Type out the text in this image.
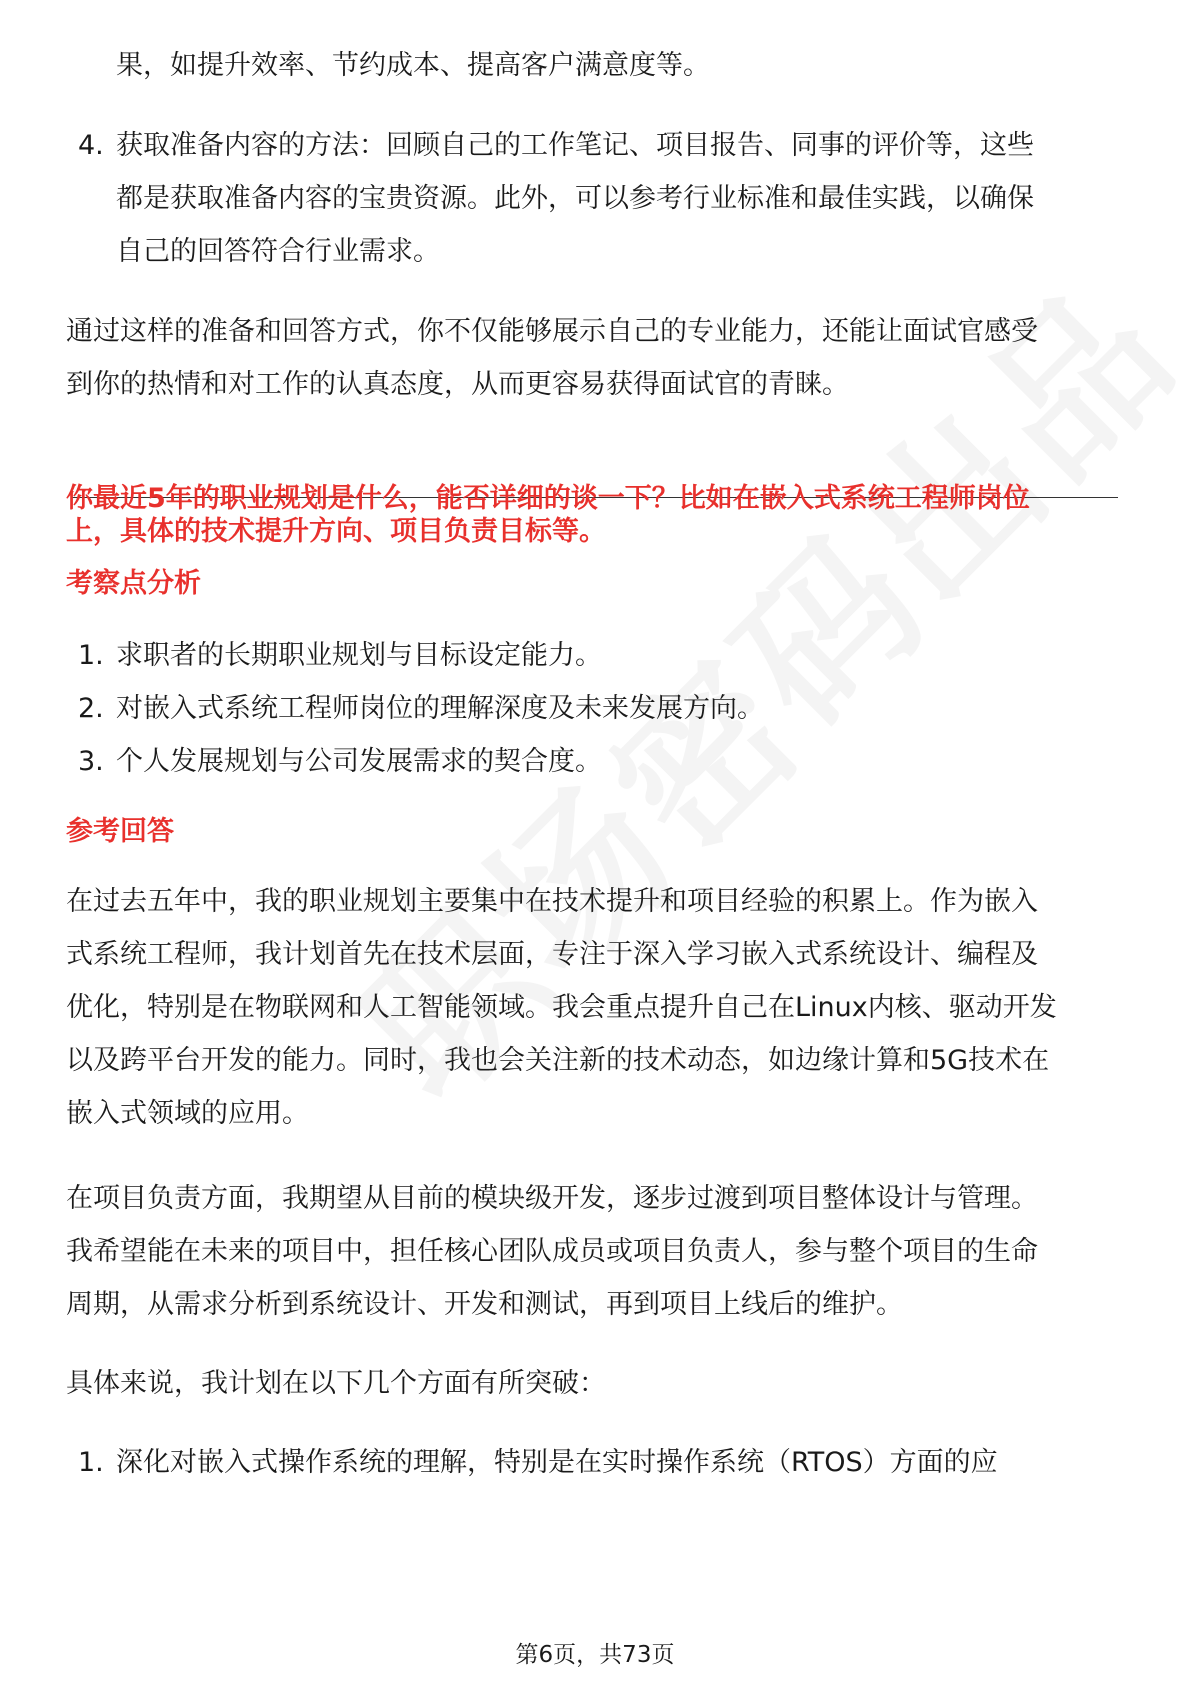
果，如提升效率、节约成本、提高客户满意度等。
4. 获取准备内容的方法：回顾自己的工作笔记、项目报告、同事的评价等，这些
都是获取准备内容的宝贵资源。此外，可以参考行业标准和最佳实践，以确保
自己的回答符合行业需求。
通过这样的准备和回答方式，你不仅能够展示自己的专业能力，还能让面试官感受
到你的热情和对工作的认真态度，从而更容易获得面试官的青睐。
你最近5年的职业规划是什么，能否详细的谈一下？比如在嵌入式系统工程师岗位
上，具体的技术提升方向、项目负责目标等。
考察点分析
1. 求职者的长期职业规划与目标设定能力。
2. 对嵌入式系统工程师岗位的理解深度及未来发展方向。
3. 个人发展规划与公司发展需求的契合度。
参考回答
在过去五年中，我的职业规划主要集中在技术提升和项目经验的积累上。作为嵌入
式系统工程师，我计划首先在技术层面，专注于深入学习嵌入式系统设计、编程及
优化，特别是在物联网和人工智能领域。我会重点提升自己在Linux内核、驱动开发
以及跨平台开发的能力。同时，我也会关注新的技术动态，如边缘计算和5G技术在
嵌入式领域的应用。
在项目负责方面，我期望从目前的模块级开发，逐步过渡到项目整体设计与管理。
我希望能在未来的项目中，担任核心团队成员或项目负责人，参与整个项目的生命
周期，从需求分析到系统设计、开发和测试，再到项目上线后的维护。
具体来说，我计划在以下几个方面有所突破：
1. 深化对嵌入式操作系统的理解，特别是在实时操作系统（RTOS）方面的应
第6页，共73页
